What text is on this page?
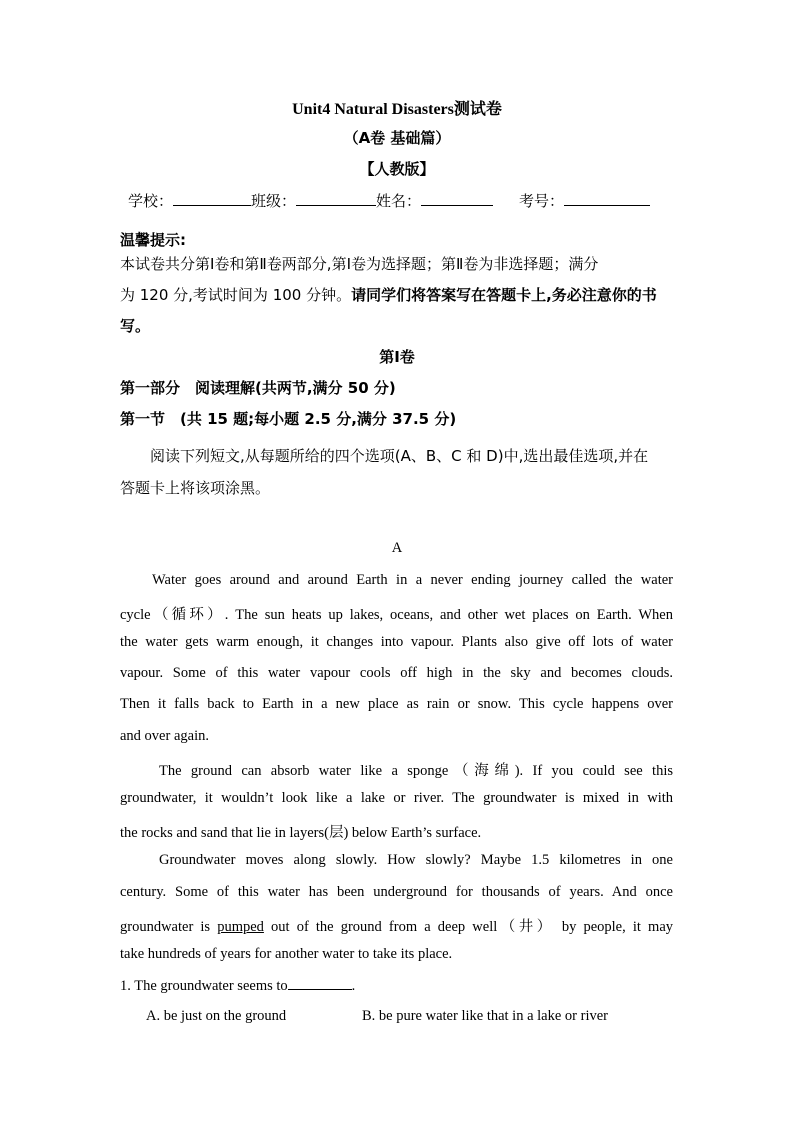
Unit4 Natural Disasters测试卷
（A卷 基础篇）
【人教版】
学校：	班级：	姓名：	考号：
温馨提示:
本试卷共分第Ⅰ卷和第Ⅱ卷两部分,第Ⅰ卷为选择题；第Ⅱ卷为非选择题；满分
为 120 分,考试时间为 100 分钟。请同学们将答案写在答题卡上,务必注意你的书
写。
第Ⅰ卷
第一部分　阅读理解(共两节,满分 50 分)
第一节　(共 15 题;每小题 2.5 分,满分 37.5 分)
阅读下列短文,从每题所给的四个选项(A、B、C 和 D)中,选出最佳选项,并在
答题卡上将该项涂黑。
A
Water goes around and around Earth in a never ending journey called the water
cycle（循环）. The sun heats up lakes, oceans, and other wet places on Earth. When
the water gets warm enough, it changes into vapour. Plants also give off lots of water
vapour. Some of this water vapour cools off high in the sky and becomes clouds.
Then it falls back to Earth in a new place as rain or snow. This cycle happens over
and over again.
The ground can absorb water like a sponge（海绵). If you could see this
groundwater, it wouldn’t look like a lake or river. The groundwater is mixed in with
the rocks and sand that lie in layers(层) below Earth’s surface.
Groundwater moves along slowly. How slowly? Maybe 1.5 kilometres in one
century. Some of this water has been underground for thousands of years. And once
groundwater is pumped out of the ground from a deep well（井） by people, it may
take hundreds of years for another water to take its place.
1. The groundwater seems to	.
A. be just on the ground	B. be pure water like that in a lake or river
